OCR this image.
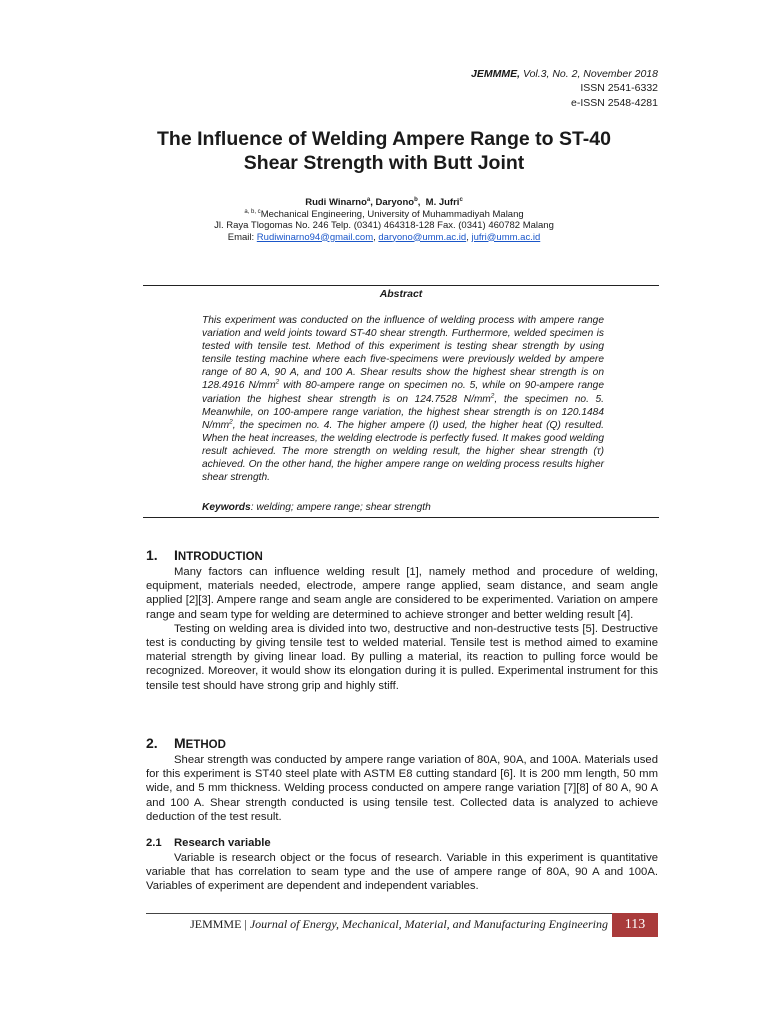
JEMMME, Vol.3, No. 2, November 2018
ISSN 2541-6332
e-ISSN 2548-4281
The Influence of Welding Ampere Range to ST-40
Shear Strength with Butt Joint
Rudi Winarno$^a$, Daryono$^b$,  M. Jufri$^c$
$^{a, b, c}$Mechanical Engineering, University of Muhammadiyah Malang
Jl. Raya Tlogomas No. 246 Telp. (0341) 464318-128 Fax. (0341) 460782 Malang
Email: Rudiwinarno94@gmail.com, daryono@umm.ac.id, jufri@umm.ac.id
Abstract
This experiment was conducted on the influence of welding process with ampere range variation and weld joints toward ST-40 shear strength. Furthermore, welded specimen is tested with tensile test. Method of this experiment is testing shear strength by using tensile testing machine where each five-specimens were previously welded by ampere range of 80 A, 90 A, and 100 A. Shear results show the highest shear strength is on 128.4916 $N/mm^2$ with 80-ampere range on specimen no. 5, while on 90-ampere range variation the highest shear strength is on 124.7528 $N/mm^2$, the specimen no. 5. Meanwhile, on 100-ampere range variation, the highest shear strength is on 120.1484 $N/mm^2$, the specimen no. 4. The higher ampere (I) used, the higher heat (Q) resulted. When the heat increases, the welding electrode is perfectly fused. It makes good welding result achieved. The more strength on welding result, the higher shear strength (τ) achieved. On the other hand, the higher ampere range on welding process results higher shear strength.
Keywords: welding; ampere range; shear strength
1. INTRODUCTION

Many factors can influence welding result [1], namely method and procedure of welding, equipment, materials needed, electrode, ampere range applied, seam distance, and seam angle applied [2][3]. Ampere range and seam angle are considered to be experimented. Variation on ampere range and seam type for welding are determined to achieve stronger and better welding result [4].

Testing on welding area is divided into two, destructive and non-destructive tests [5]. Destructive test is conducting by giving tensile test to welded material. Tensile test is method aimed to examine material strength by giving linear load. By pulling a material, its reaction to pulling force would be recognized. Moreover, it would show its elongation during it is pulled. Experimental instrument for this tensile test should have strong grip and highly stiff.

2. METHOD

Shear strength was conducted by ampere range variation of 80A, 90A, and 100A. Materials used for this experiment is ST40 steel plate with ASTM E8 cutting standard [6]. It is 200 mm length, 50 mm wide, and 5 mm thickness. Welding process conducted on ampere range variation [7][8] of 80 A, 90 A and 100 A. Shear strength conducted is using tensile test. Collected data is analyzed to achieve deduction of the test result.

2.1 Research variable

Variable is research object or the focus of research. Variable in this experiment is quantitative variable that has correlation to seam type and the use of ampere range of 80A, 90 A and 100A. Variables of experiment are dependent and independent variables.

JEMMME | Journal of Energy, Mechanical, Material, and Manufacturing Engineering	113
